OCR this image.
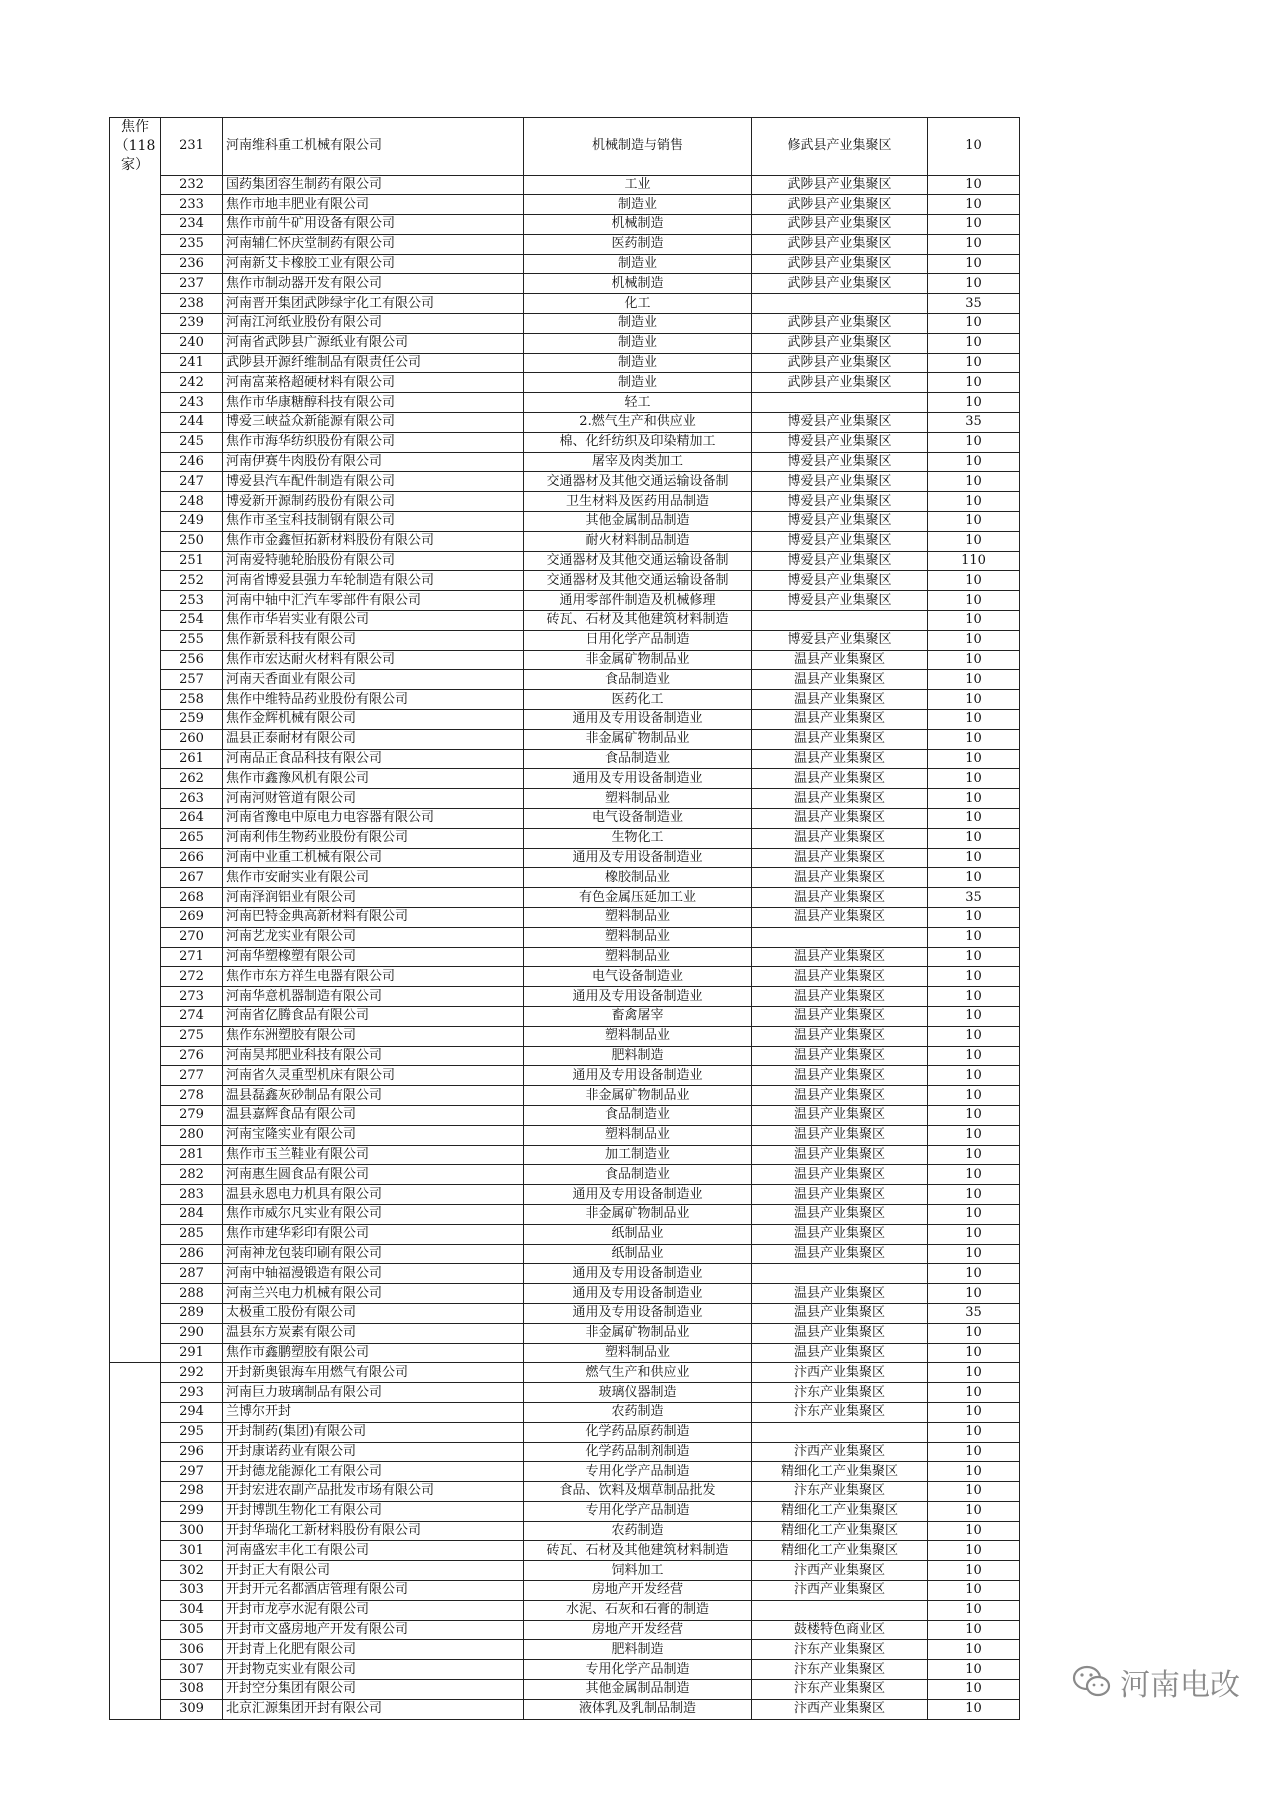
焦作（118家）	231	河南维科重工机械有限公司	机械制造与销售	修武县产业集聚区	10
	232	国药集团容生制药有限公司	工业	武陟县产业集聚区	10
	233	焦作市地丰肥业有限公司	制造业	武陟县产业集聚区	10
	234	焦作市前牛矿用设备有限公司	机械制造	武陟县产业集聚区	10
	235	河南辅仁怀庆堂制药有限公司	医药制造	武陟县产业集聚区	10
	236	河南新艾卡橡胶工业有限公司	制造业	武陟县产业集聚区	10
	237	焦作市制动器开发有限公司	机械制造	武陟县产业集聚区	10
	238	河南晋开集团武陟绿宇化工有限公司	化工		35
	239	河南江河纸业股份有限公司	制造业	武陟县产业集聚区	10
	240	河南省武陟县广源纸业有限公司	制造业	武陟县产业集聚区	10
	241	武陟县开源纤维制品有限责任公司	制造业	武陟县产业集聚区	10
	242	河南富莱格超硬材料有限公司	制造业	武陟县产业集聚区	10
	243	焦作市华康糖醇科技有限公司	轻工		10
	244	博爱三峡益众新能源有限公司	2.燃气生产和供应业	博爱县产业集聚区	35
	245	焦作市海华纺织股份有限公司	棉、化纤纺织及印染精加工	博爱县产业集聚区	10
	246	河南伊赛牛肉股份有限公司	屠宰及肉类加工	博爱县产业集聚区	10
	247	博爱县汽车配件制造有限公司	交通器材及其他交通运输设备制	博爱县产业集聚区	10
	248	博爱新开源制药股份有限公司	卫生材料及医药用品制造	博爱县产业集聚区	10
	249	焦作市圣宝科技制钢有限公司	其他金属制品制造	博爱县产业集聚区	10
	250	焦作市金鑫恒拓新材料股份有限公司	耐火材料制品制造	博爱县产业集聚区	10
	251	河南爱特驰轮胎股份有限公司	交通器材及其他交通运输设备制	博爱县产业集聚区	110
	252	河南省博爱县强力车轮制造有限公司	交通器材及其他交通运输设备制	博爱县产业集聚区	10
	253	河南中轴中汇汽车零部件有限公司	通用零部件制造及机械修理	博爱县产业集聚区	10
	254	焦作市华岩实业有限公司	砖瓦、石材及其他建筑材料制造		10
	255	焦作新景科技有限公司	日用化学产品制造	博爱县产业集聚区	10
	256	焦作市宏达耐火材料有限公司	非金属矿物制品业	温县产业集聚区	10
	257	河南天香面业有限公司	食品制造业	温县产业集聚区	10
	258	焦作中维特品药业股份有限公司	医药化工	温县产业集聚区	10
	259	焦作金辉机械有限公司	通用及专用设备制造业	温县产业集聚区	10
	260	温县正泰耐材有限公司	非金属矿物制品业	温县产业集聚区	10
	261	河南品正食品科技有限公司	食品制造业	温县产业集聚区	10
	262	焦作市鑫豫风机有限公司	通用及专用设备制造业	温县产业集聚区	10
	263	河南河财管道有限公司	塑料制品业	温县产业集聚区	10
	264	河南省豫电中原电力电容器有限公司	电气设备制造业	温县产业集聚区	10
	265	河南利伟生物药业股份有限公司	生物化工	温县产业集聚区	10
	266	河南中业重工机械有限公司	通用及专用设备制造业	温县产业集聚区	10
	267	焦作市安耐实业有限公司	橡胶制品业	温县产业集聚区	10
	268	河南泽润铝业有限公司	有色金属压延加工业	温县产业集聚区	35
	269	河南巴特金典高新材料有限公司	塑料制品业	温县产业集聚区	10
	270	河南艺龙实业有限公司	塑料制品业		10
	271	河南华塑橡塑有限公司	塑料制品业	温县产业集聚区	10
	272	焦作市东方祥生电器有限公司	电气设备制造业	温县产业集聚区	10
	273	河南华意机器制造有限公司	通用及专用设备制造业	温县产业集聚区	10
	274	河南省亿腾食品有限公司	畜禽屠宰	温县产业集聚区	10
	275	焦作东洲塑胶有限公司	塑料制品业	温县产业集聚区	10
	276	河南昊邦肥业科技有限公司	肥料制造	温县产业集聚区	10
	277	河南省久灵重型机床有限公司	通用及专用设备制造业	温县产业集聚区	10
	278	温县磊鑫灰砂制品有限公司	非金属矿物制品业	温县产业集聚区	10
	279	温县嘉辉食品有限公司	食品制造业	温县产业集聚区	10
	280	河南宝隆实业有限公司	塑料制品业	温县产业集聚区	10
	281	焦作市玉兰鞋业有限公司	加工制造业	温县产业集聚区	10
	282	河南惠生圆食品有限公司	食品制造业	温县产业集聚区	10
	283	温县永恩电力机具有限公司	通用及专用设备制造业	温县产业集聚区	10
	284	焦作市威尔凡实业有限公司	非金属矿物制品业	温县产业集聚区	10
	285	焦作市建华彩印有限公司	纸制品业	温县产业集聚区	10
	286	河南神龙包装印刷有限公司	纸制品业	温县产业集聚区	10
	287	河南中轴福漫锻造有限公司	通用及专用设备制造业		10
	288	河南兰兴电力机械有限公司	通用及专用设备制造业	温县产业集聚区	10
	289	太极重工股份有限公司	通用及专用设备制造业	温县产业集聚区	35
	290	温县东方炭素有限公司	非金属矿物制品业	温县产业集聚区	10
	291	焦作市鑫鹏塑胶有限公司	塑料制品业	温县产业集聚区	10
	292	开封新奥银海车用燃气有限公司	燃气生产和供应业	汴西产业集聚区	10
	293	河南巨力玻璃制品有限公司	玻璃仪器制造	汴东产业集聚区	10
	294	兰博尔开封	农药制造	汴东产业集聚区	10
	295	开封制药(集团)有限公司	化学药品原药制造		10
	296	开封康诺药业有限公司	化学药品制剂制造	汴西产业集聚区	10
	297	开封德龙能源化工有限公司	专用化学产品制造	精细化工产业集聚区	10
	298	开封宏进农副产品批发市场有限公司	食品、饮料及烟草制品批发	汴东产业集聚区	10
	299	开封博凯生物化工有限公司	专用化学产品制造	精细化工产业集聚区	10
	300	开封华瑞化工新材料股份有限公司	农药制造	精细化工产业集聚区	10
	301	河南盛宏丰化工有限公司	砖瓦、石材及其他建筑材料制造	精细化工产业集聚区	10
	302	开封正大有限公司	饲料加工	汴西产业集聚区	10
	303	开封开元名都酒店管理有限公司	房地产开发经营	汴西产业集聚区	10
	304	开封市龙亭水泥有限公司	水泥、石灰和石膏的制造		10
	305	开封市文盛房地产开发有限公司	房地产开发经营	鼓楼特色商业区	10
	306	开封青上化肥有限公司	肥料制造	汴东产业集聚区	10
	307	开封物克实业有限公司	专用化学产品制造	汴东产业集聚区	10
	308	开封空分集团有限公司	其他金属制品制造	汴东产业集聚区	10
	309	北京汇源集团开封有限公司	液体乳及乳制品制造	汴西产业集聚区	10
河南电改
